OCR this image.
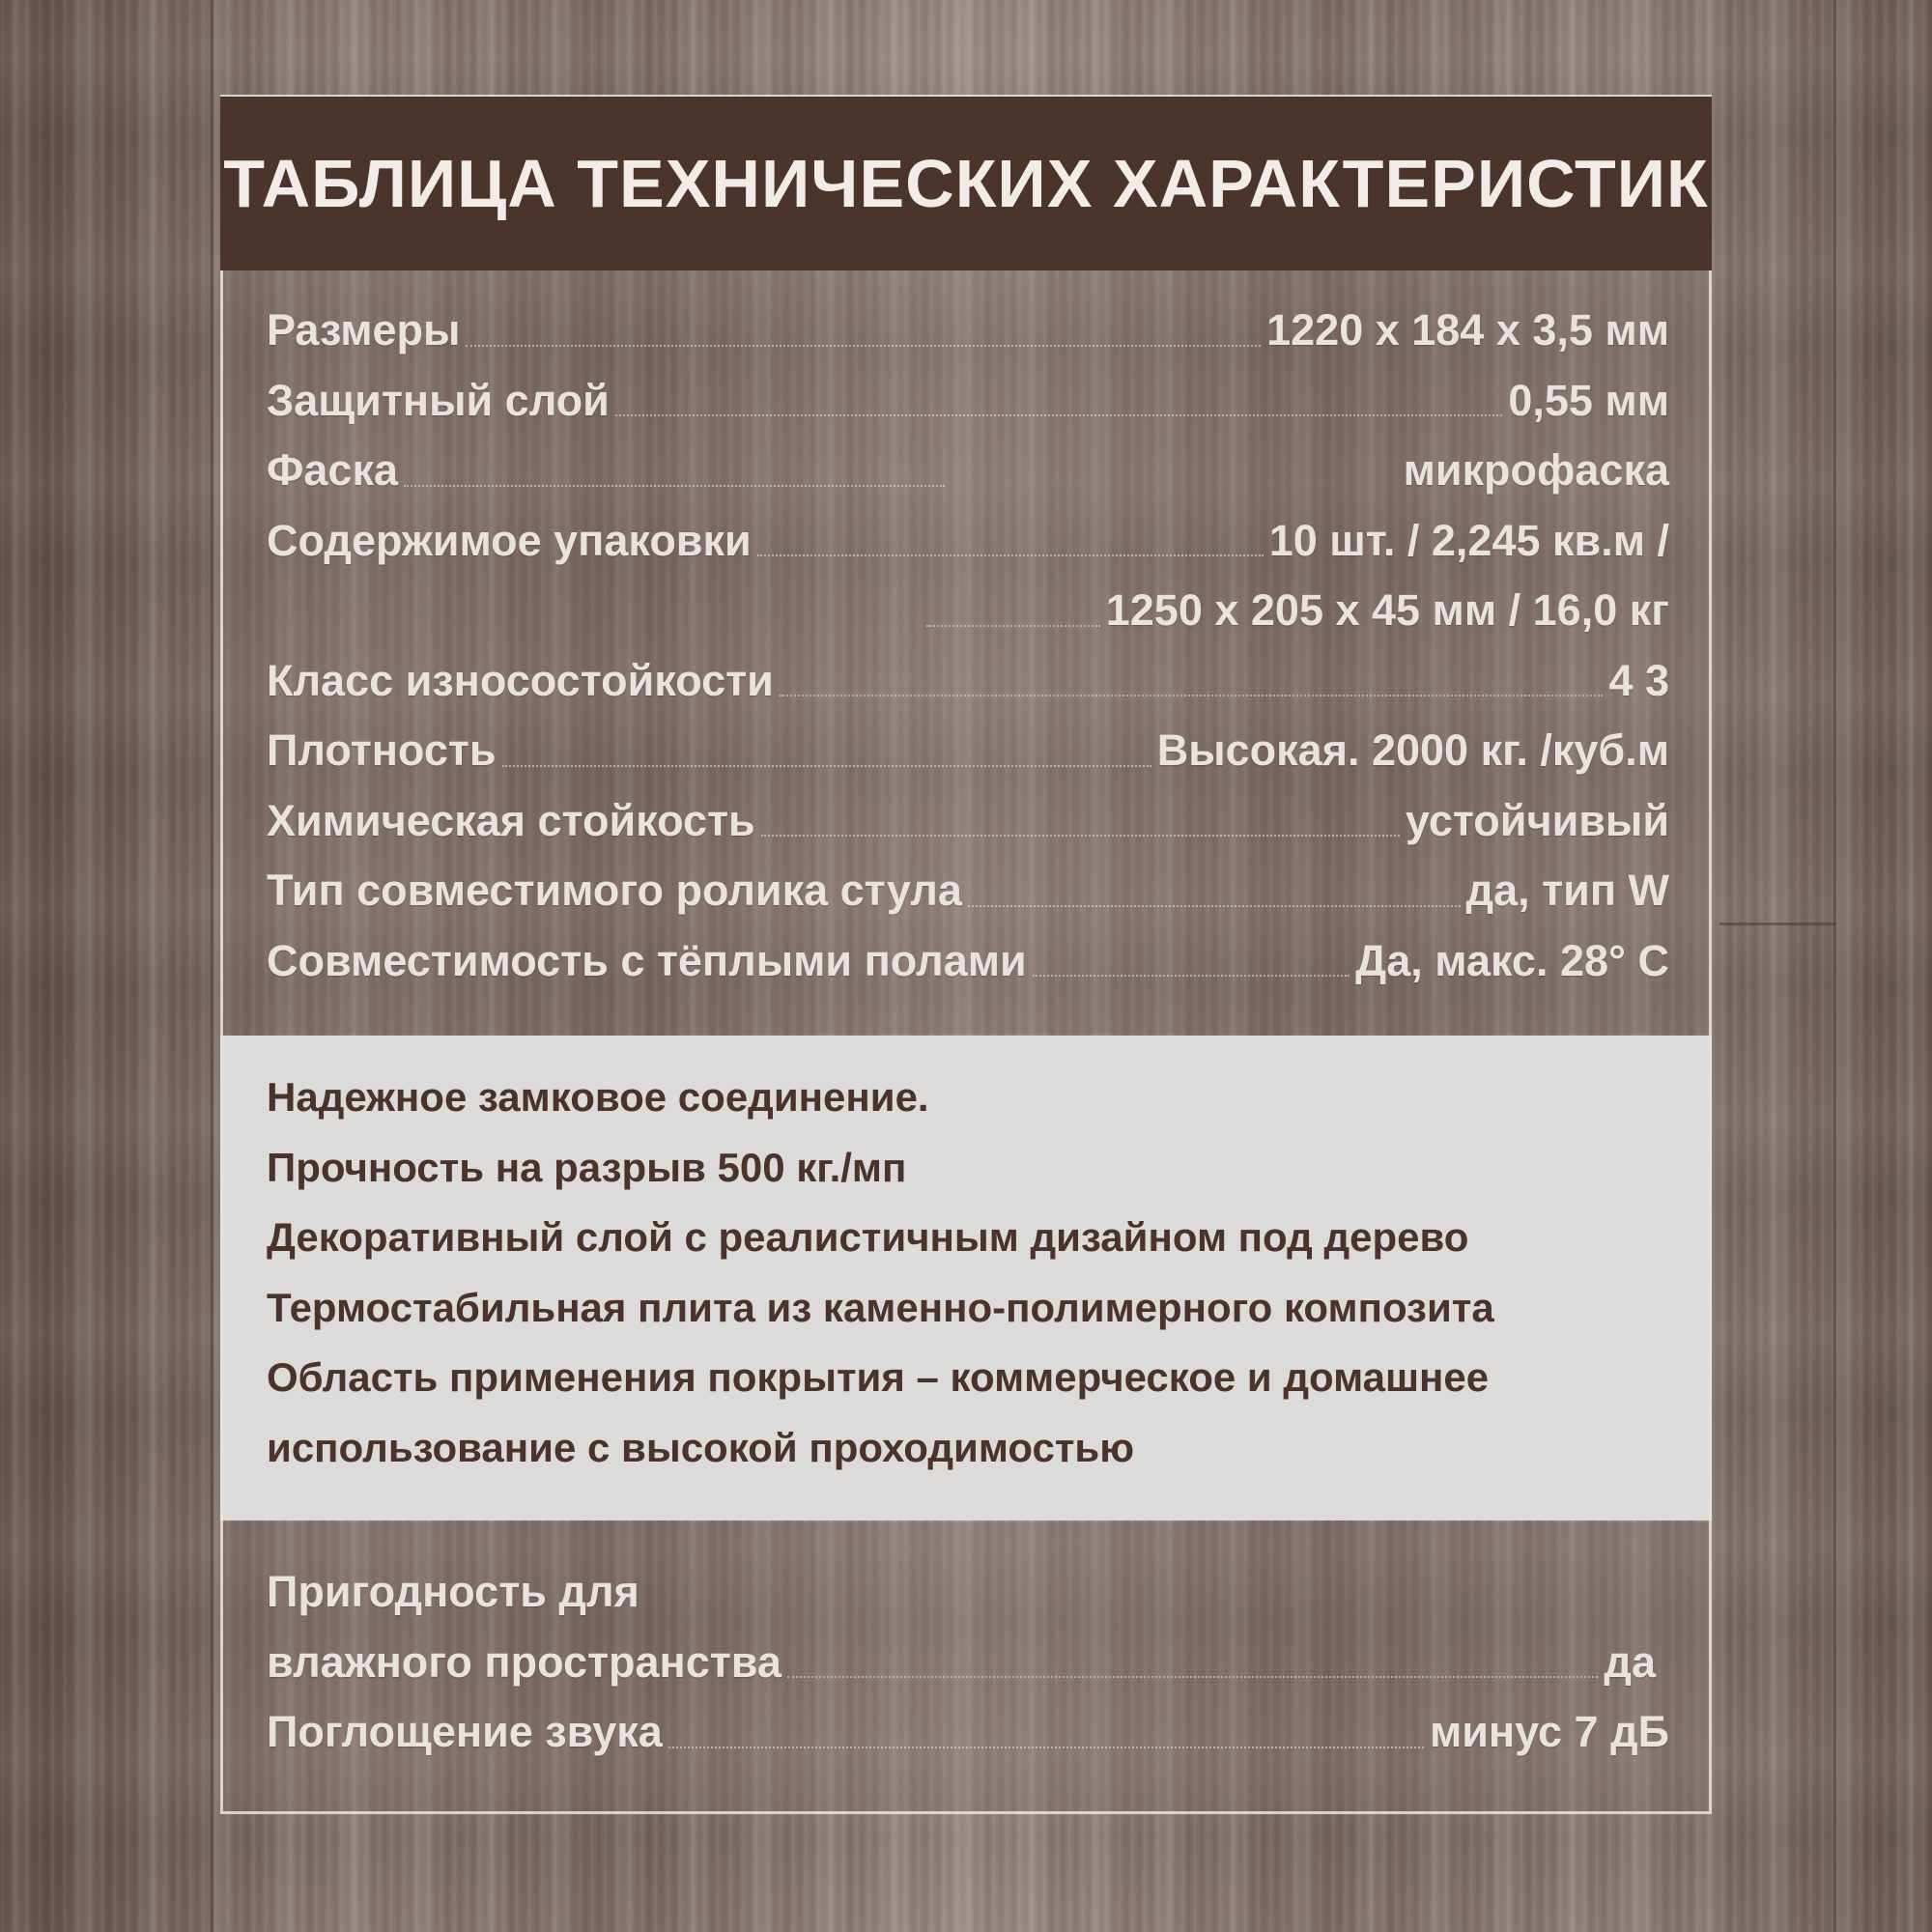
ТАБЛИЦА ТЕХНИЧЕСКИХ ХАРАКТЕРИСТИК
Размеры	1220 х 184 х 3,5 мм
Защитный слой	0,55 мм
Фаска	микрофаска
Содержимое упаковки	10 шт. / 2,245 кв.м /
1250 х 205 х 45 мм / 16,0 кг
Класс износостойкости	4 3
Плотность	Высокая. 2000 кг. /куб.м
Химическая стойкость	устойчивый
Тип совместимого ролика стула	да, тип W
Совместимость с тёплыми полами	Да, макс. 28° С
Надежное замковое соединение.
Прочность на разрыв 500 кг./мп
Декоративный слой с реалистичным дизайном под дерево
Термостабильная плита из каменно-полимерного композита
Область применения покрытия – коммерческое и домашнее
использование с высокой проходимостью
Пригодность для
влажного пространства	да
Поглощение звука	минус 7 дБ
